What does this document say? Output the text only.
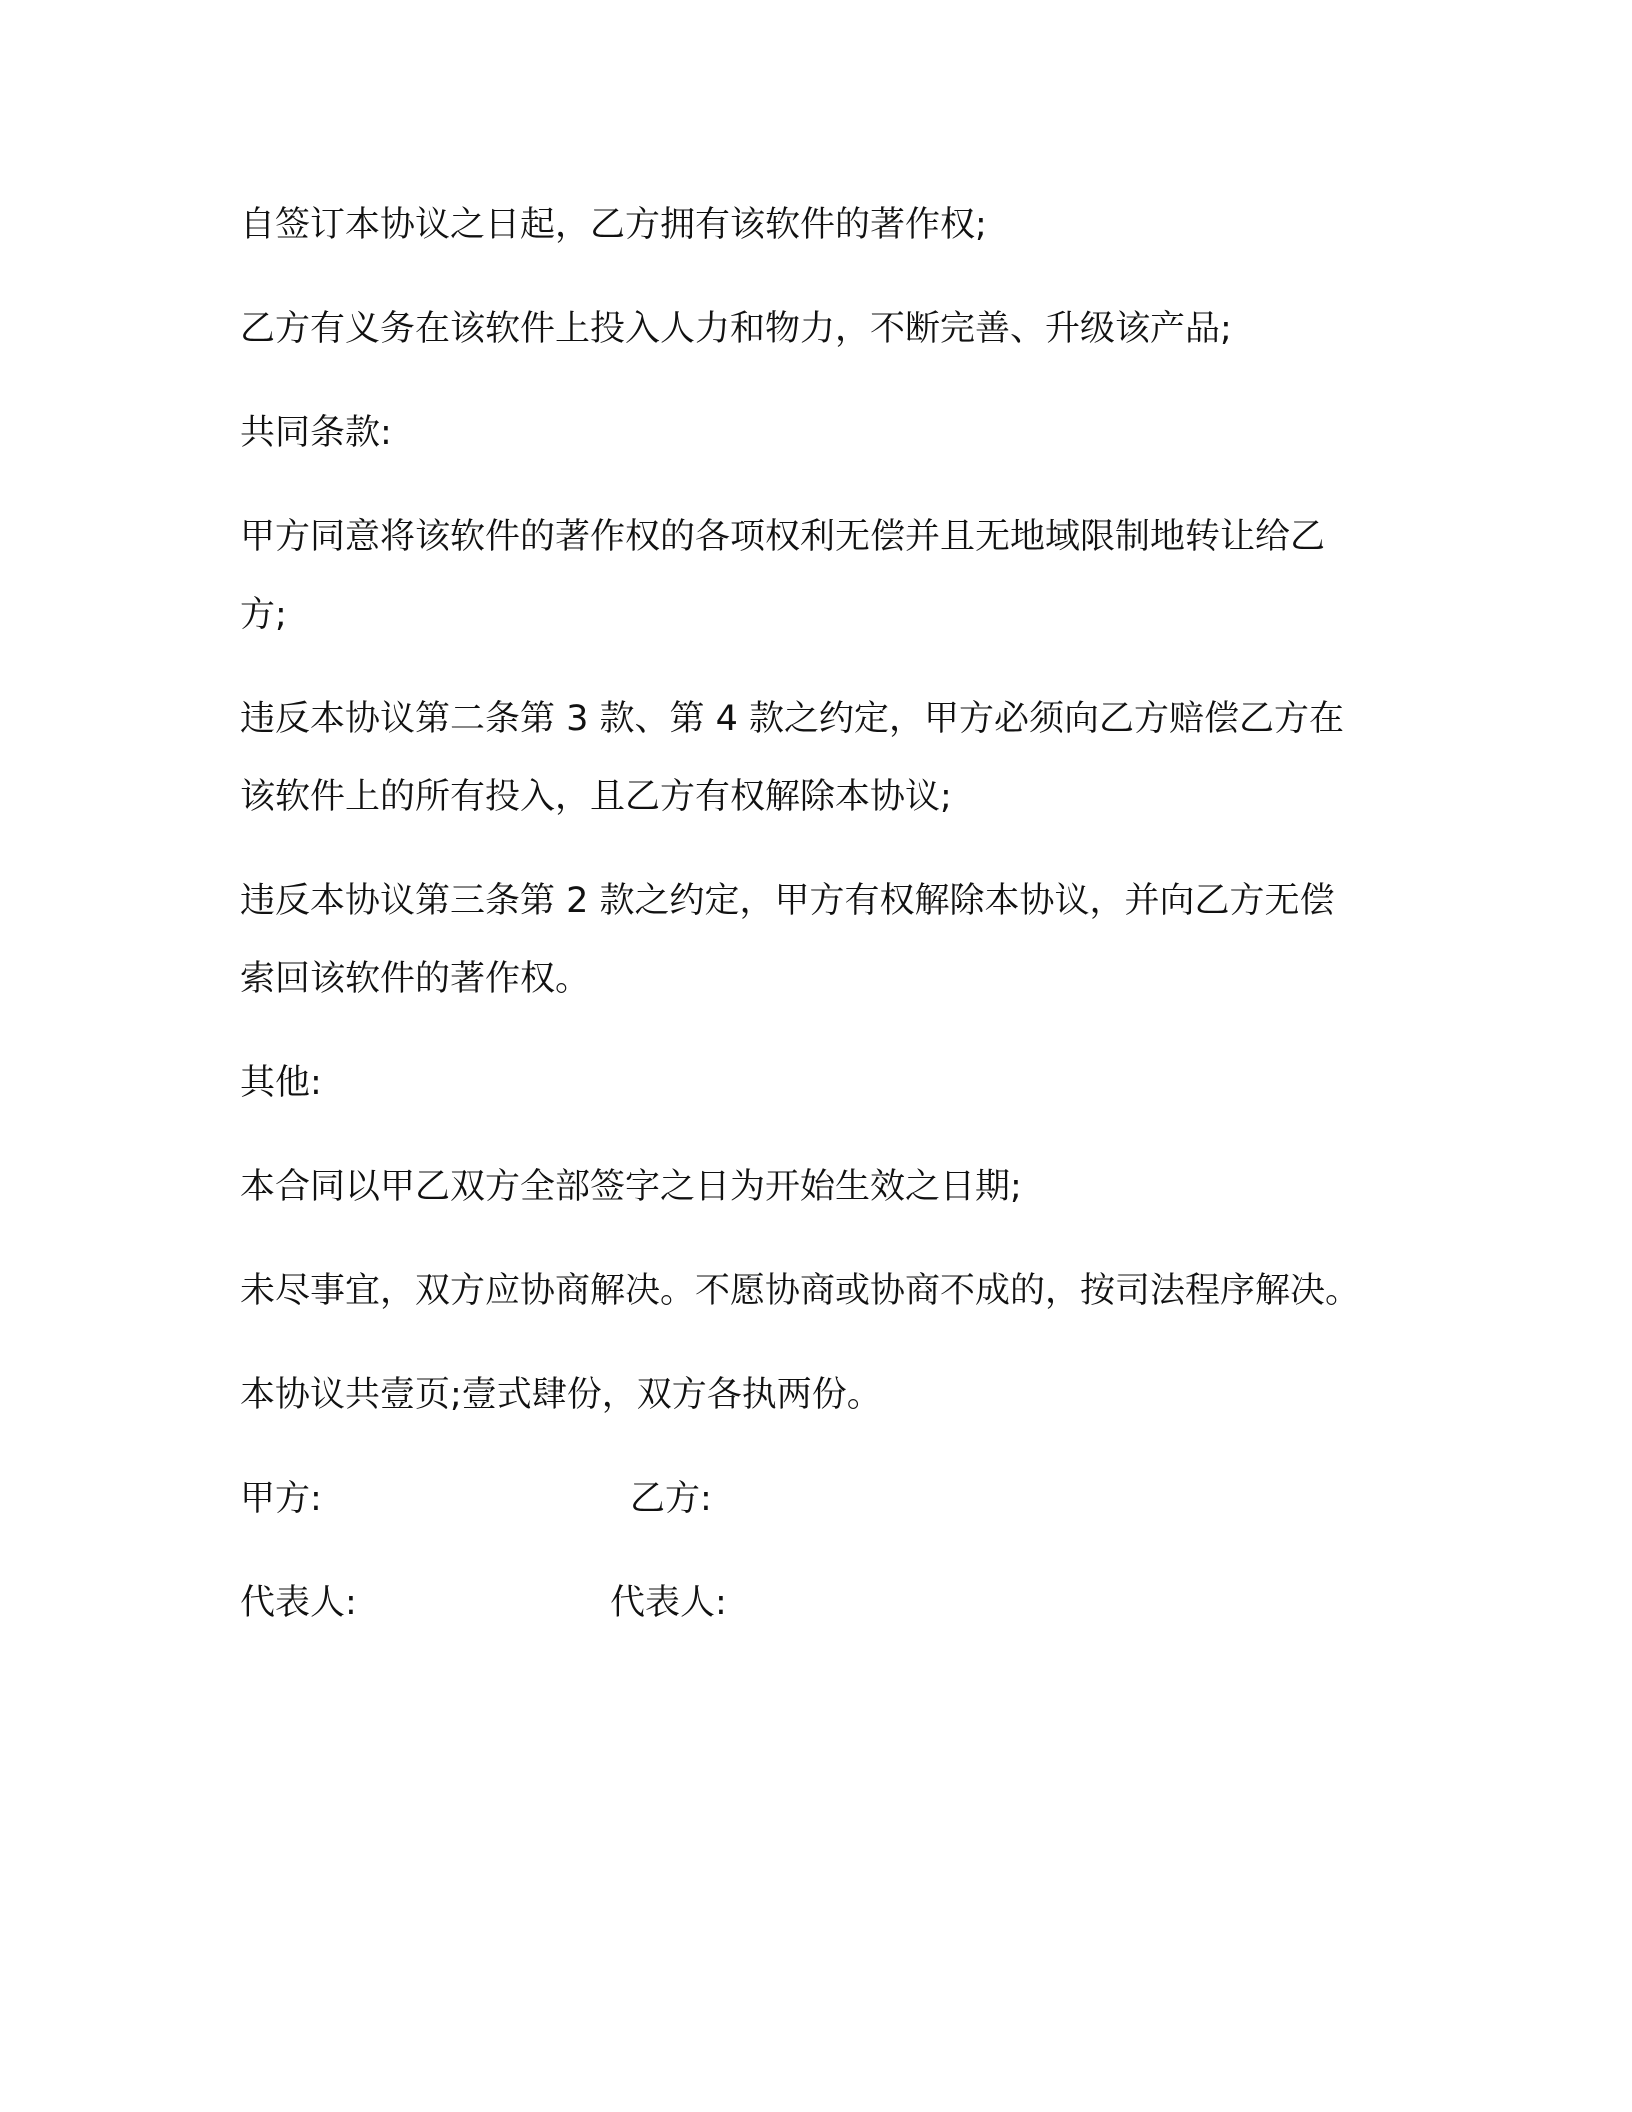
自签订本协议之日起，乙方拥有该软件的著作权;

乙方有义务在该软件上投入人力和物力，不断完善、升级该产品;

共同条款:

甲方同意将该软件的著作权的各项权利无偿并且无地域限制地转让给乙方;

违反本协议第二条第 3 款、第 4 款之约定，甲方必须向乙方赔偿乙方在该软件上的所有投入，且乙方有权解除本协议;

违反本协议第三条第 2 款之约定，甲方有权解除本协议，并向乙方无偿索回该软件的著作权。

其他:

本合同以甲乙双方全部签字之日为开始生效之日期;

未尽事宜，双方应协商解决。不愿协商或协商不成的，按司法程序解决。

本协议共壹页;壹式肆份，双方各执两份。

甲方:	乙方:
代表人:	代表人:
